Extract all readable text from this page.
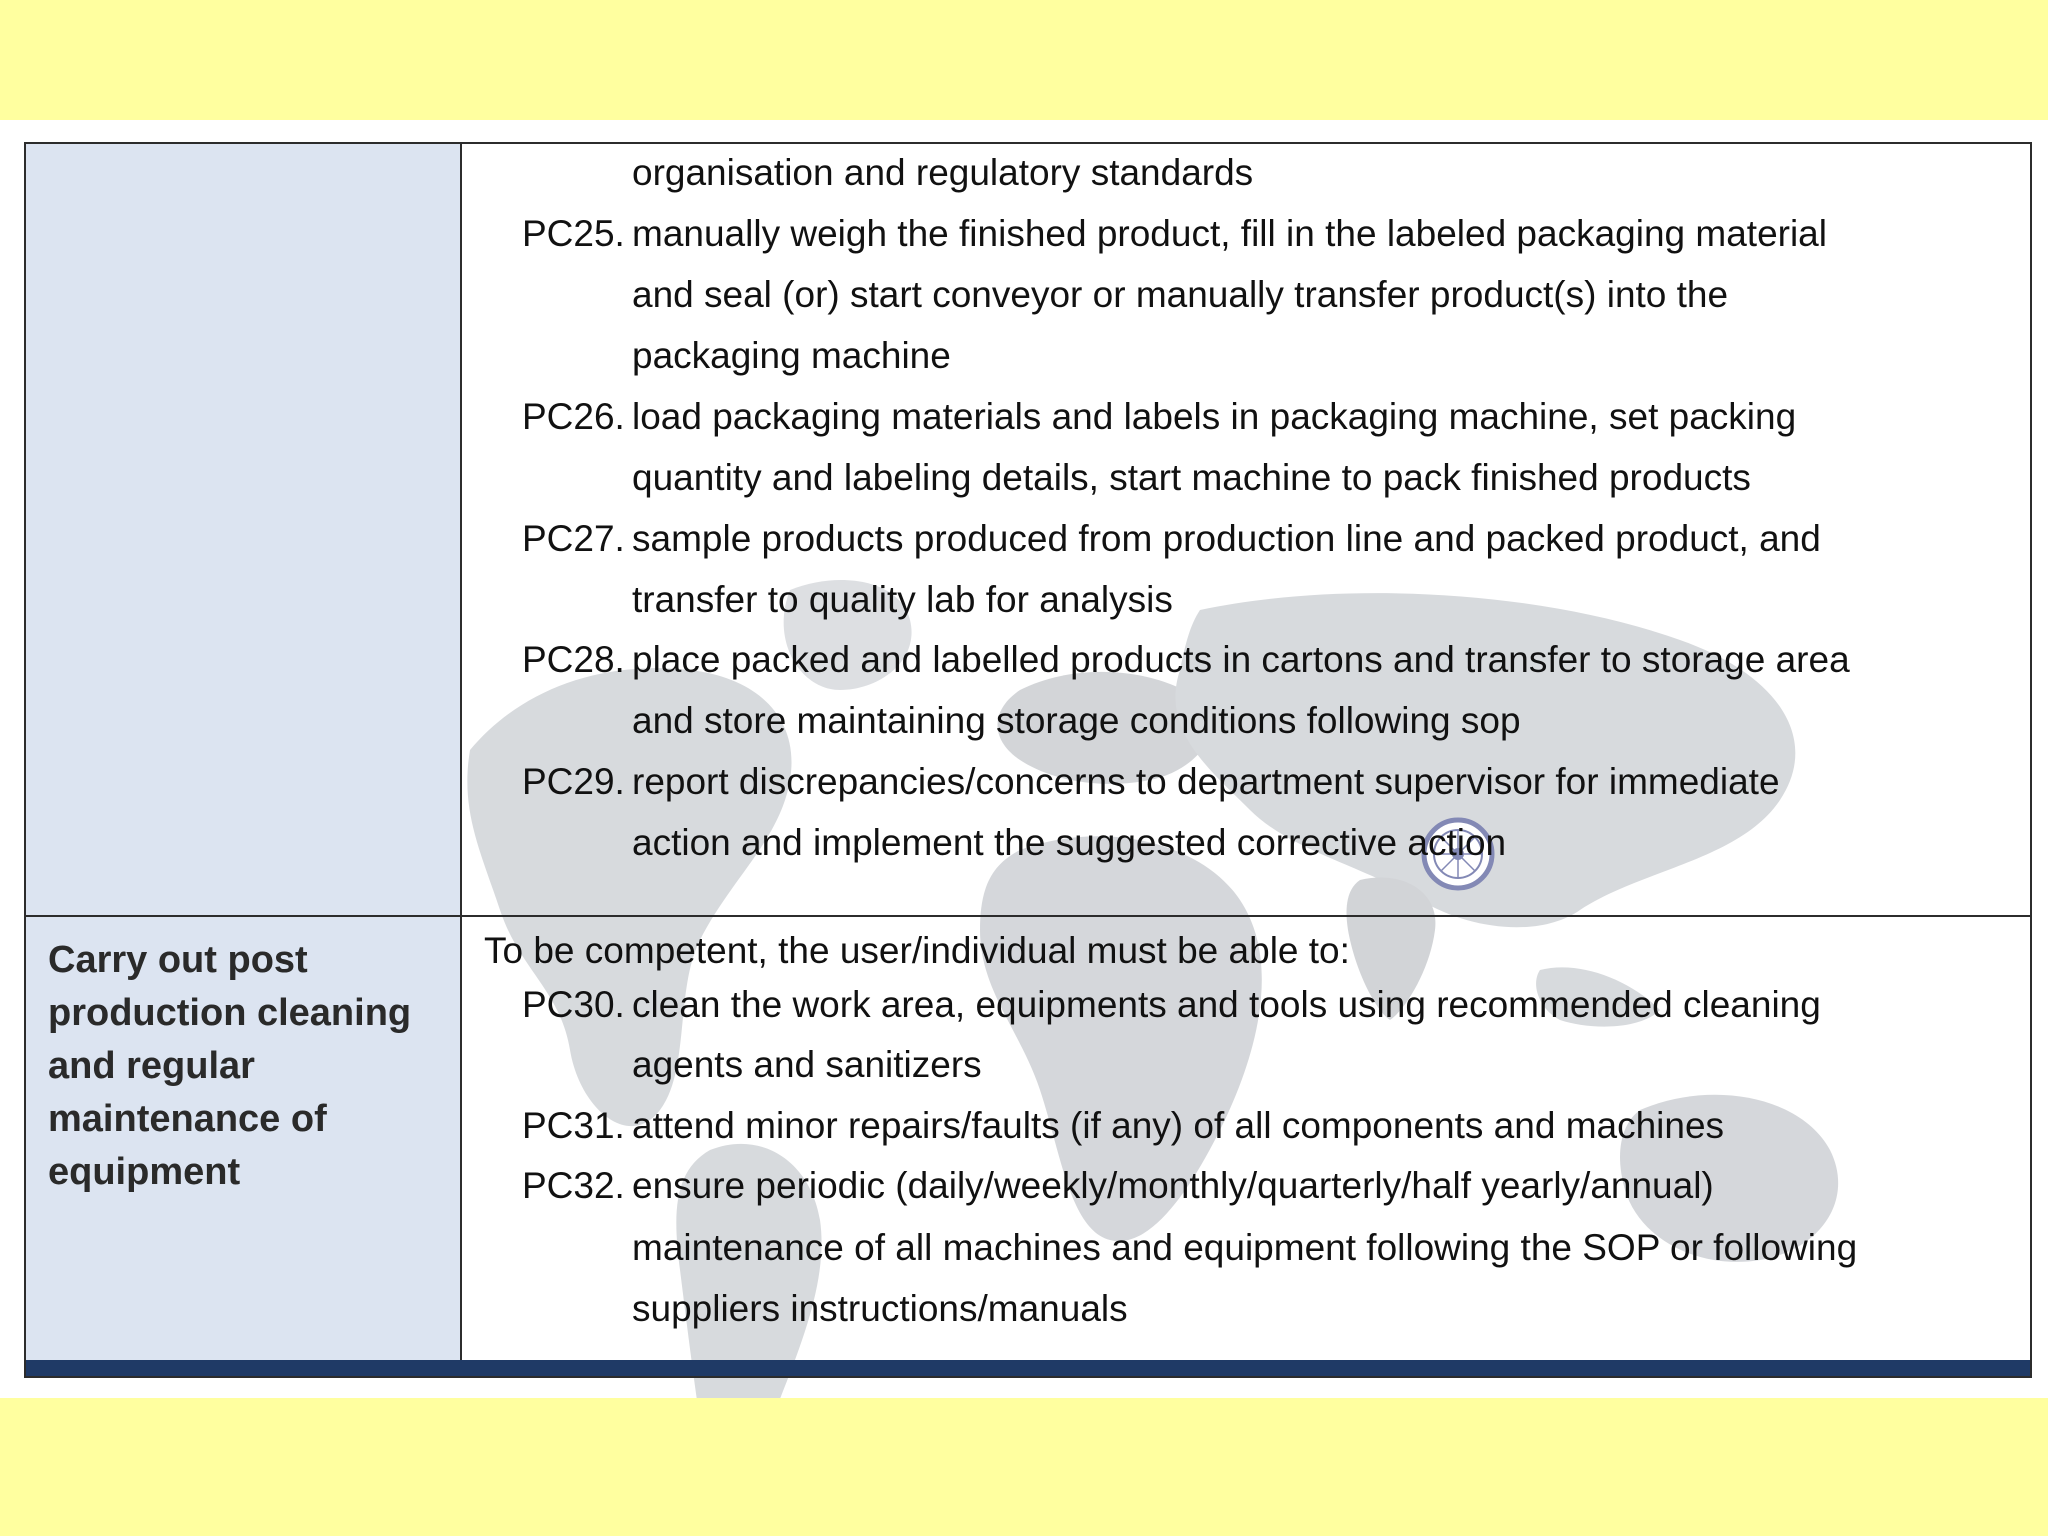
Carry out post
production cleaning
and regular
maintenance of
equipment
organisation and regulatory standards
PC25. manually weigh the finished product, fill in the labeled packaging material
and seal (or) start conveyor or manually transfer product(s) into the
packaging machine
PC26. load packaging materials and labels in packaging machine, set packing
quantity and labeling details, start machine to pack finished products
PC27. sample products produced from production line and packed product, and
transfer to quality lab for analysis
PC28. place packed and labelled products in cartons and transfer to storage area
and store maintaining storage conditions following sop
PC29. report discrepancies/concerns to department supervisor for immediate
action and implement the suggested corrective action
To be competent, the user/individual must be able to:
PC30. clean the work area, equipments and tools using recommended cleaning
agents and sanitizers
PC31. attend minor repairs/faults (if any) of all components and machines
PC32. ensure periodic (daily/weekly/monthly/quarterly/half yearly/annual)
maintenance of all machines and equipment following the SOP or following
suppliers instructions/manuals
